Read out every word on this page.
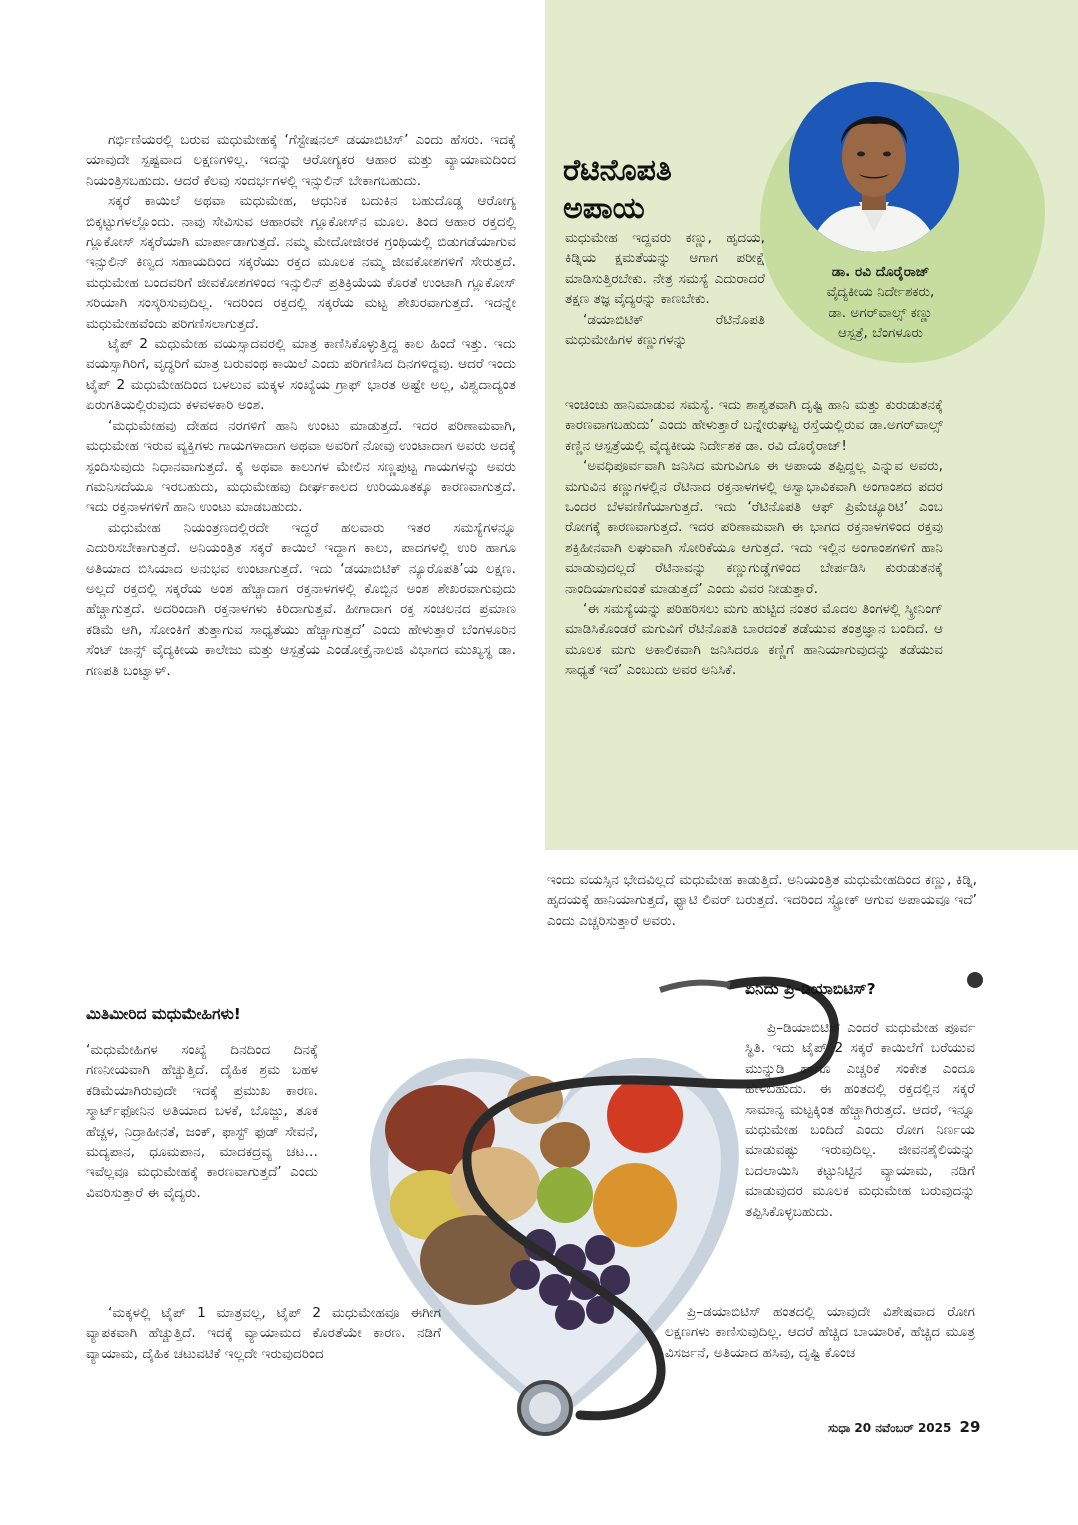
ರೆಟಿನೊಪತಿ
ಅಪಾಯ
ಡಾ. ರವಿ ದೊರೈರಾಜ್
ವೈದ್ಯಕೀಯ ನಿರ್ದೇಶಕರು,
ಡಾ. ಅಗರ್‌ವಾಲ್ಸ್ ಕಣ್ಣು
ಆಸ್ಪತ್ರೆ, ಬೆಂಗಳೂರು

ಮಧುಮೇಹ ಇದ್ದವರು ಕಣ್ಣು, ಹೃದಯ, ಕಿಡ್ನಿಯ ಕ್ಷಮತೆಯನ್ನು ಆಗಾಗ ಪರೀಕ್ಷೆ ಮಾಡಿಸುತ್ತಿರಬೇಕು. ನೇತ್ರ ಸಮಸ್ಯೆ ಎದುರಾದರೆ ತಕ್ಷಣ ತಜ್ಞ ವೈದ್ಯರನ್ನು ಕಾಣಬೇಕು.

‘ಡಯಾಬಿಟಿಕ್ ರೆಟಿನೊಪತಿ ಮಧುಮೇಹಿಗಳ ಕಣ್ಣುಗಳನ್ನು

ಇಂಚಿಂಚು ಹಾನಿಮಾಡುವ ಸಮಸ್ಯೆ. ಇದು ಶಾಶ್ವತವಾಗಿ ದೃಷ್ಟಿ ಹಾನಿ ಮತ್ತು ಕುರುಡುತನಕ್ಕೆ ಕಾರಣವಾಗಬಹುದು’ ಎಂದು ಹೇಳುತ್ತಾರೆ ಬನ್ನೇರುಘಟ್ಟ ರಸ್ತೆಯಲ್ಲಿರುವ ಡಾ.ಅಗರ್‌ವಾಲ್ಸ್ ಕಣ್ಣಿನ ಆಸ್ಪತ್ರೆಯಲ್ಲಿ ವೈದ್ಯಕೀಯ ನಿರ್ದೇಶಕ ಡಾ. ರವಿ ದೊರೈರಾಜ್!

‘ಅವಧಿಪೂರ್ವವಾಗಿ ಜನಿಸಿದ ಮಗುವಿಗೂ ಈ ಅಪಾಯ ತಪ್ಪಿದ್ದಲ್ಲ ಎನ್ನುವ ಅವರು, ಮಗುವಿನ ಕಣ್ಣುಗಳಲ್ಲಿನ ರೆಟಿನಾದ ರಕ್ತನಾಳಗಳಲ್ಲಿ ಅಸ್ವಾಭಾವಿಕವಾಗಿ ಅಂಗಾಂಶದ ಪದರ ಒಂದರ ಬೆಳವಣಿಗೆಯಾಗುತ್ತದೆ. ಇದು ‘ರೆಟಿನೊಪತಿ ಆಫ್ ಪ್ರಿಮೆಚ್ಯೂರಿಟಿ’ ಎಂಬ ರೋಗಕ್ಕೆ ಕಾರಣವಾಗುತ್ತದೆ. ಇದರ ಪರಿಣಾಮವಾಗಿ ಈ ಭಾಗದ ರಕ್ತನಾಳಗಳಿಂದ ರಕ್ತವು ಶಕ್ತಿಹೀನವಾಗಿ ಲಘುವಾಗಿ ಸೋರಿಕೆಯೂ ಆಗುತ್ತದೆ. ಇದು ಇಲ್ಲಿನ ಅಂಗಾಂಶಗಳಿಗೆ ಹಾನಿ ಮಾಡುವುದಲ್ಲದೆ ರೆಟಿನಾವನ್ನು ಕಣ್ಣುಗುಡ್ಡೆಗಳಿಂದ ಬೇರ್ಪಡಿಸಿ ಕುರುಡುತನಕ್ಕೆ ನಾಂದಿಯಾಗುವಂತೆ ಮಾಡುತ್ತದೆ’ ಎಂದು ವಿವರ ನೀಡುತ್ತಾರೆ.

‘ಈ ಸಮಸ್ಯೆಯನ್ನು ಪರಿಹರಿಸಲು ಮಗು ಹುಟ್ಟಿದ ನಂತರ ಮೊದಲ ತಿಂಗಳಲ್ಲಿ ಸ್ಕ್ರೀನಿಂಗ್ ಮಾಡಿಸಿಕೊಂಡರೆ ಮಗುವಿಗೆ ರೆಟಿನೊಪತಿ ಬಾರದಂತೆ ತಡೆಯುವ ತಂತ್ರಜ್ಞಾನ ಬಂದಿದೆ. ಆ ಮೂಲಕ ಮಗು ಅಕಾಲಿಕವಾಗಿ ಜನಿಸಿದರೂ ಕಣ್ಣಿಗೆ ಹಾನಿಯಾಗುವುದನ್ನು ತಡೆಯುವ ಸಾಧ್ಯತೆ ಇದೆ’ ಎಂಬುದು ಅವರ ಅನಿಸಿಕೆ.

ಗರ್ಭಿಣಿಯರಲ್ಲಿ ಬರುವ ಮಧುಮೇಹಕ್ಕೆ ‘ಗೆಸ್ಟೇಷನಲ್ ಡಯಾಬಿಟಿಸ್’ ಎಂದು ಹೆಸರು. ಇದಕ್ಕೆ ಯಾವುದೇ ಸ್ಪಷ್ಟವಾದ ಲಕ್ಷಣಗಳಿಲ್ಲ. ಇದನ್ನು ಆರೋಗ್ಯಕರ ಆಹಾರ ಮತ್ತು ವ್ಯಾಯಾಮದಿಂದ ನಿಯಂತ್ರಿಸಬಹುದು. ಆದರೆ ಕೆಲವು ಸಂದರ್ಭಗಳಲ್ಲಿ ಇನ್ಸುಲಿನ್ ಬೇಕಾಗಬಹುದು.

ಸಕ್ಕರೆ ಕಾಯಿಲೆ ಅಥವಾ ಮಧುಮೇಹ, ಆಧುನಿಕ ಬದುಕಿನ ಬಹುದೊಡ್ಡ ಆರೋಗ್ಯ ಬಿಕ್ಕಟ್ಟುಗಳಲ್ಲೊಂದು. ನಾವು ಸೇವಿಸುವ ಆಹಾರವೇ ಗ್ಲೂಕೋಸ್‌ನ ಮೂಲ. ತಿಂದ ಆಹಾರ ರಕ್ತದಲ್ಲಿ ಗ್ಲೂಕೋಸ್ ಸಕ್ಕರೆಯಾಗಿ ಮಾರ್ಪಾಡಾಗುತ್ತದೆ. ನಮ್ಮ ಮೇದೋಜೀರಕ ಗ್ರಂಥಿಯಲ್ಲಿ ಬಿಡುಗಡೆಯಾಗುವ ಇನ್ಸುಲಿನ್ ಕಿಣ್ವದ ಸಹಾಯದಿಂದ ಸಕ್ಕರೆಯು ರಕ್ತದ ಮೂಲಕ ನಮ್ಮ ಜೀವಕೋಶಗಳಿಗೆ ಸೇರುತ್ತದೆ. ಮಧುಮೇಹ ಬಂದವರಿಗೆ ಜೀವಕೋಶಗಳಿಂದ ಇನ್ಸುಲಿನ್ ಪ್ರತಿಕ್ರಿಯೆಯ ಕೊರತೆ ಉಂಟಾಗಿ ಗ್ಲೂಕೋಸ್ ಸರಿಯಾಗಿ ಸಂಸ್ಕರಿಸುವುದಿಲ್ಲ. ಇದರಿಂದ ರಕ್ತದಲ್ಲಿ ಸಕ್ಕರೆಯ ಮಟ್ಟ ಶೇಖರವಾಗುತ್ತದೆ. ಇದನ್ನೇ ಮಧುಮೇಹವೆಂದು ಪರಿಗಣಿಸಲಾಗುತ್ತದೆ.

ಟೈಪ್ 2 ಮಧುಮೇಹ ವಯಸ್ಸಾದವರಲ್ಲಿ ಮಾತ್ರ ಕಾಣಿಸಿಕೊಳ್ಳುತ್ತಿದ್ದ ಕಾಲ ಹಿಂದೆ ಇತ್ತು. ಇದು ವಯಸ್ಸಾಗಿರಿಗೆ, ವೃದ್ಧರಿಗೆ ಮಾತ್ರ ಬರುವಂಥ ಕಾಯಿಲೆ ಎಂದು ಪರಿಗಣಿಸಿದ ದಿನಗಳಿದ್ದವು. ಆದರೆ ಇಂದು ಟೈಪ್ 2 ಮಧುಮೇಹದಿಂದ ಬಳಲುವ ಮಕ್ಕಳ ಸಂಖ್ಯೆಯ ಗ್ರಾಫ್ ಭಾರತ ಅಷ್ಟೇ ಅಲ್ಲ, ವಿಶ್ವದಾದ್ಯಂತ ಏರುಗತಿಯಲ್ಲಿರುವುದು ಕಳವಳಕಾರಿ ಅಂಶ.

‘ಮಧುಮೇಹವು ದೇಹದ ನರಗಳಿಗೆ ಹಾನಿ ಉಂಟು ಮಾಡುತ್ತದೆ. ಇದರ ಪರಿಣಾಮವಾಗಿ, ಮಧುಮೇಹ ಇರುವ ವ್ಯಕ್ತಿಗಳು ಗಾಯಗಳಾದಾಗ ಅಥವಾ ಅವರಿಗೆ ನೋವು ಉಂಟಾದಾಗ ಅವರು ಅದಕ್ಕೆ ಸ್ಪಂದಿಸುವುದು ನಿಧಾನವಾಗುತ್ತದೆ. ಕೈ ಅಥವಾ ಕಾಲುಗಳ ಮೇಲಿನ ಸಣ್ಣಪುಟ್ಟ ಗಾಯಗಳನ್ನು ಅವರು ಗಮನಿಸದೆಯೂ ಇರಬಹುದು, ಮಧುಮೇಹವು ದೀರ್ಘಕಾಲದ ಉರಿಯೂತಕ್ಕೂ ಕಾರಣವಾಗುತ್ತದೆ. ಇದು ರಕ್ತನಾಳಗಳಿಗೆ ಹಾನಿ ಉಂಟು ಮಾಡಬಹುದು.

ಮಧುಮೇಹ ನಿಯಂತ್ರಣದಲ್ಲಿರದೇ ಇದ್ದರೆ ಹಲವಾರು ಇತರ ಸಮಸ್ಯೆಗಳನ್ನೂ ಎದುರಿಸಬೇಕಾಗುತ್ತದೆ. ಅನಿಯಂತ್ರಿತ ಸಕ್ಕರೆ ಕಾಯಿಲೆ ಇದ್ದಾಗ ಕಾಲು, ಪಾದಗಳಲ್ಲಿ ಉರಿ ಹಾಗೂ ಅತಿಯಾದ ಬಿಸಿಯಾದ ಅನುಭವ ಉಂಟಾಗುತ್ತದೆ. ಇದು ‘ಡಯಾಬಿಟಿಕ್ ನ್ಯೂರೊಪತಿ’ಯ ಲಕ್ಷಣ. ಅಲ್ಲದೆ ರಕ್ತದಲ್ಲಿ ಸಕ್ಕರೆಯ ಅಂಶ ಹೆಚ್ಚಾದಾಗ ರಕ್ತನಾಳಗಳಲ್ಲಿ ಕೊಬ್ಬಿನ ಅಂಶ ಶೇಖರವಾಗುವುದು ಹೆಚ್ಚಾಗುತ್ತದೆ. ಅದರಿಂದಾಗಿ ರಕ್ತನಾಳಗಳು ಕಿರಿದಾಗುತ್ತವೆ. ಹೀಗಾದಾಗ ರಕ್ತ ಸಂಚಲನದ ಪ್ರಮಾಣ ಕಡಿಮೆ ಆಗಿ, ಸೋಂಕಿಗೆ ತುತ್ತಾಗುವ ಸಾಧ್ಯತೆಯು ಹೆಚ್ಚಾಗುತ್ತದೆ’ ಎಂದು ಹೇಳುತ್ತಾರೆ ಬೆಂಗಳೂರಿನ ಸೆಂಟ್ ಜಾನ್ಸ್ ವೈದ್ಯಕೀಯ ಕಾಲೇಜು ಮತ್ತು ಆಸ್ಪತ್ರೆಯ ಎಂಡೋಕ್ರೈನಾಲಜಿ ವಿಭಾಗದ ಮುಖ್ಯಸ್ಥ ಡಾ. ಗಣಪತಿ ಬಂಟ್ವಾಳ್.

ಇಂದು ವಯಸ್ಸಿನ ಭೇದವಿಲ್ಲದೆ ಮಧುಮೇಹ ಕಾಡುತ್ತಿದೆ. ಅನಿಯಂತ್ರಿತ ಮಧುಮೇಹದಿಂದ ಕಣ್ಣು, ಕಿಡ್ನಿ, ಹೃದಯಕ್ಕೆ ಹಾನಿಯಾಗುತ್ತದೆ, ಫ್ಯಾಟಿ ಲಿವರ್ ಬರುತ್ತದೆ. ಇದರಿಂದ ಸ್ಟ್ರೋಕ್ ಆಗುವ ಅಪಾಯವೂ ಇದೆ’ ಎಂದು ಎಚ್ಚರಿಸುತ್ತಾರೆ ಅವರು.

ಮಿತಿಮೀರಿದ ಮಧುಮೇಹಿಗಳು!

‘ಮಧುಮೇಹಿಗಳ ಸಂಖ್ಯೆ ದಿನದಿಂದ ದಿನಕ್ಕೆ ಗಣನೀಯವಾಗಿ ಹೆಚ್ಚುತ್ತಿದೆ. ದೈಹಿಕ ಶ್ರಮ ಬಹಳ ಕಡಿಮೆಯಾಗಿರುವುದೇ ಇದಕ್ಕೆ ಪ್ರಮುಖ ಕಾರಣ. ಸ್ಮಾರ್ಟ್‌ಫೋನಿನ ಅತಿಯಾದ ಬಳಕೆ, ಬೊಜ್ಜು, ತೂಕ ಹೆಚ್ಚಳ, ನಿದ್ರಾಹೀನತೆ, ಜಂಕ್, ಫಾಸ್ಟ್ ಫುಡ್ ಸೇವನೆ, ಮದ್ಯಪಾನ, ಧೂಮಪಾನ, ಮಾದಕದ್ರವ್ಯ ಚಟ… ಇವೆಲ್ಲವೂ ಮಧುಮೇಹಕ್ಕೆ ಕಾರಣವಾಗುತ್ತದೆ’ ಎಂದು ವಿವರಿಸುತ್ತಾರೆ ಈ ವೈದ್ಯರು.

‘ಮಕ್ಕಳಲ್ಲಿ ಟೈಪ್ 1 ಮಾತ್ರವಲ್ಲ, ಟೈಪ್ 2 ಮಧುಮೇಹವೂ ಈಗೀಗ ವ್ಯಾಪಕವಾಗಿ ಹೆಚ್ಚುತ್ತಿದೆ. ಇದಕ್ಕೆ ವ್ಯಾಯಾಮದ ಕೊರತೆಯೇ ಕಾರಣ. ನಡಿಗೆ ವ್ಯಾಯಾಮ, ದೈಹಿಕ ಚಟುವಟಿಕೆ ಇಲ್ಲದೇ ಇರುವುದರಿಂದ

ಏನಿದು ಪ್ರಿ-ಡಿಯಾಬಿಟಿಸ್?

ಪ್ರಿ–ಡಿಯಾಬಿಟಿಸ್ ಎಂದರೆ ಮಧುಮೇಹ ಪೂರ್ವ ಸ್ಥಿತಿ. ಇದು ಟೈಪ್ 2 ಸಕ್ಕರೆ ಕಾಯಿಲೆಗೆ ಬರೆಯುವ ಮುನ್ನುಡಿ ಹಾಗೂ ಎಚ್ಚರಿಕೆ ಸಂಕೇತ ಎಂದೂ ಹೇಳಬಹುದು. ಈ ಹಂತದಲ್ಲಿ ರಕ್ತದಲ್ಲಿನ ಸಕ್ಕರೆ ಸಾಮಾನ್ಯ ಮಟ್ಟಕ್ಕಿಂತ ಹೆಚ್ಚಾಗಿರುತ್ತದೆ. ಆದರೆ, ಇನ್ನೂ ಮಧುಮೇಹ ಬಂದಿದೆ ಎಂದು ರೋಗ ನಿರ್ಣಯ ಮಾಡುವಷ್ಟು ಇರುವುದಿಲ್ಲ. ಜೀವನಶೈಲಿಯನ್ನು ಬದಲಾಯಿಸಿ ಕಟ್ಟುನಿಟ್ಟಿನ ವ್ಯಾಯಾಮ, ನಡಿಗೆ ಮಾಡುವುದರ ಮೂಲಕ ಮಧುಮೇಹ ಬರುವುದನ್ನು ತಪ್ಪಿಸಿಕೊಳ್ಳಬಹುದು.

ಪ್ರಿ–ಡಯಾಬಿಟಿಸ್ ಹಂತದಲ್ಲಿ ಯಾವುದೇ ವಿಶೇಷವಾದ ರೋಗ ಲಕ್ಷಣಗಳು ಕಾಣಿಸುವುದಿಲ್ಲ. ಆದರೆ ಹೆಚ್ಚಿದ ಬಾಯಾರಿಕೆ, ಹೆಚ್ಚಿದ ಮೂತ್ರ ವಿಸರ್ಜನೆ, ಅತಿಯಾದ ಹಸಿವು, ದೃಷ್ಟಿ ಕೊಂಚ

ಸುಧಾ 20 ನವೆಂಬರ್ 2025 29
